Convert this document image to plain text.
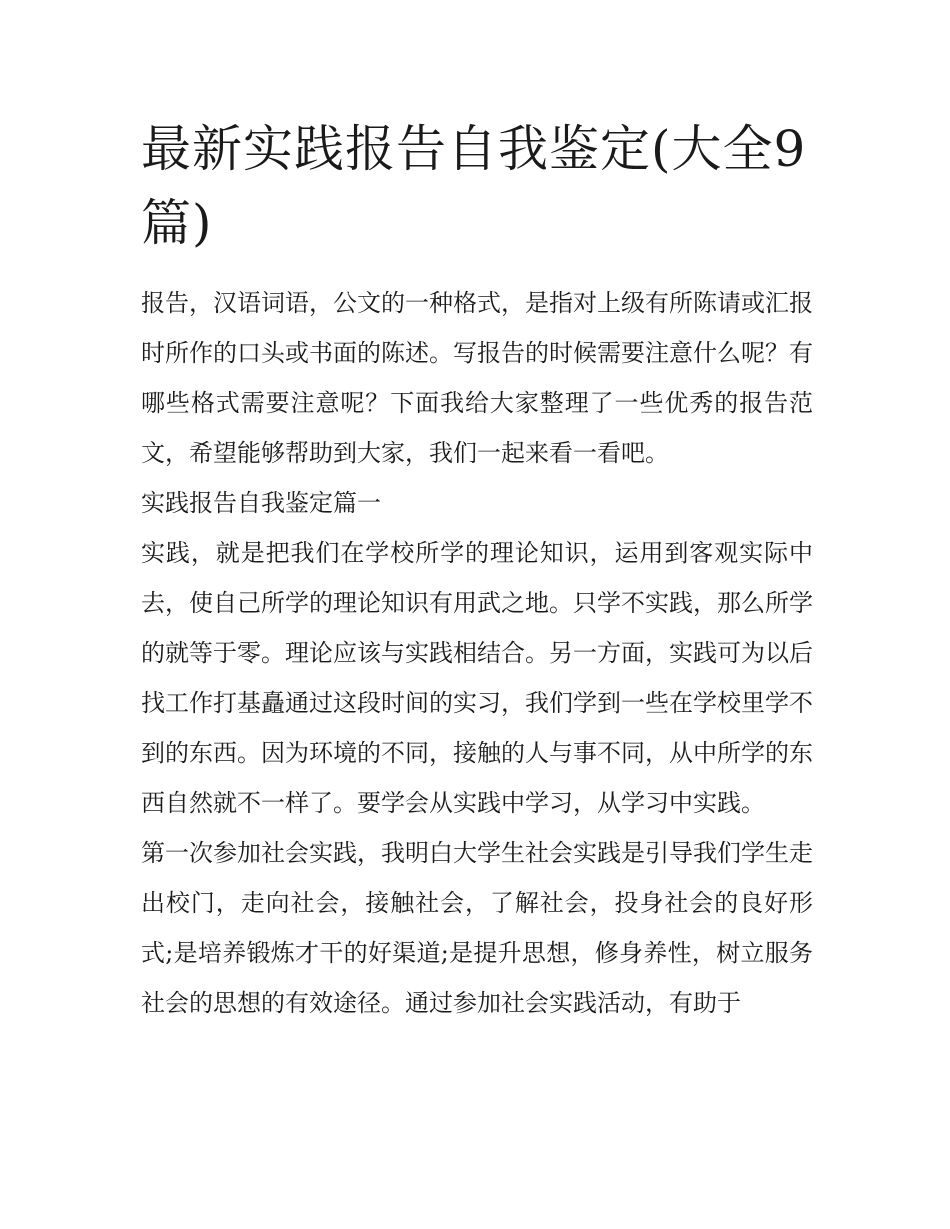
最新实践报告自我鉴定(大全9篇)

报告，汉语词语，公文的一种格式，是指对上级有所陈请或汇报时所作的口头或书面的陈述。写报告的时候需要注意什么呢？有哪些格式需要注意呢？下面我给大家整理了一些优秀的报告范文，希望能够帮助到大家，我们一起来看一看吧。

实践报告自我鉴定篇一

实践，就是把我们在学校所学的理论知识，运用到客观实际中去，使自己所学的理论知识有用武之地。只学不实践，那么所学的就等于零。理论应该与实践相结合。另一方面，实践可为以后找工作打基矗通过这段时间的实习，我们学到一些在学校里学不到的东西。因为环境的不同，接触的人与事不同，从中所学的东西自然就不一样了。要学会从实践中学习，从学习中实践。

第一次参加社会实践，我明白大学生社会实践是引导我们学生走出校门，走向社会，接触社会，了解社会，投身社会的良好形式;是培养锻炼才干的好渠道;是提升思想，修身养性，树立服务社会的思想的有效途径。通过参加社会实践活动，有助于
